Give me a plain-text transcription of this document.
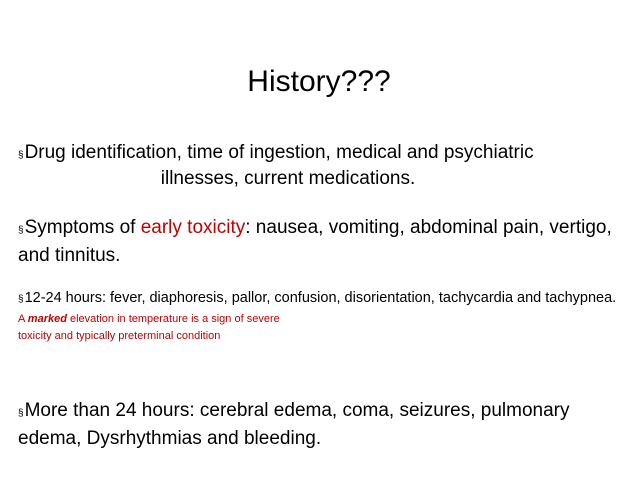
History???
§Drug identification, time of ingestion, medical and psychiatric
illnesses, current medications.
§Symptoms of early toxicity: nausea, vomiting, abdominal pain, vertigo, and tinnitus.
§12-24 hours: fever, diaphoresis, pallor, confusion, disorientation, tachycardia and tachypnea. A marked elevation in temperature is a sign of severe
toxicity and typically preterminal condition
§More than 24 hours: cerebral edema, coma, seizures, pulmonary edema, Dysrhythmias and bleeding.
